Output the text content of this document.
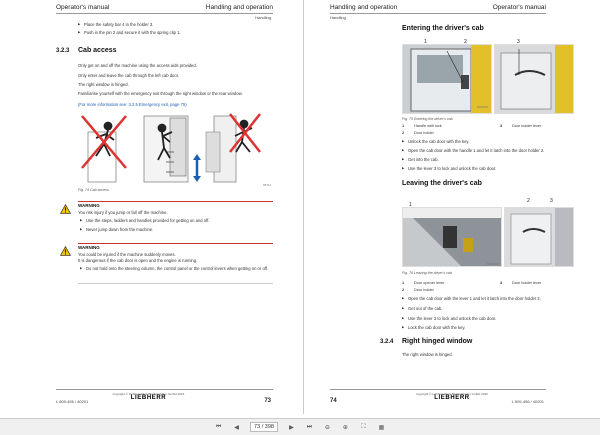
Operator's manual	Handling and operation
Handling
▶ Place the safety bar 4 in the holder 3.
▶ Push in the pin 2 and secure it with the spring clip 1.
3.2.3 Cab access
Only get on and off the machine using the access aids provided.
Only enter and leave the cab through the left cab door.
The right window is hinged.
Familiarise yourself with the emergency exit through the right window or the rear window.
(For more information see: 3.2.5 Emergency exit, page 75)
96711
Fig. 74 Cab access
WARNING
You risk injury if you jump or fall off the machine.
▶ Use the steps, ladders and handles provided for getting on and off.
▶ Never jump down from the machine.
WARNING
You could be injured if the machine suddenly moves.
It is dangerous if the cab door is open and the engine is running.
▶ Do not hold onto the steering column, the control panel or the control levers when getting on or off.
copyright © Liebherr-Werk Bischofshofen GmbH 2016
LIEBHERR
L 509-456 / 40201	73
Handling and operation	Operator's manual
Handling
Entering the driver's cab
1	2	3
BA00001
Fig. 75 Entering the driver's cab
1	Handle with lock	3	Door holder lever
2	Door holder
▶ Unlock the cab door with the key.
▶ Open the cab door with the handle 1 and let it latch into the door holder 2.
▶ Get into the cab.
▶ Use the lever 3 to lock and unlock the cab door.
Leaving the driver's cab
1
2	3
BA00028
Fig. 76 Leaving the driver's cab
1	Door opener lever	3	Door holder lever
2	Door holder
▶ Open the cab door with the lever 1 and let it latch into the door holder 2.
▶ Get out of the cab.
▶ Use the lever 3 to lock and unlock the cab door.
▶ Lock the cab door with the key.
3.2.4 Right hinged window
The right window is hinged.
copyright © Liebherr-Werk Bischofshofen GmbH 2016
LIEBHERR
74	L 509-456 / 40201
⏮	◀	73 / 398	▶	⏭	⊖	⊕	⛶	▦
